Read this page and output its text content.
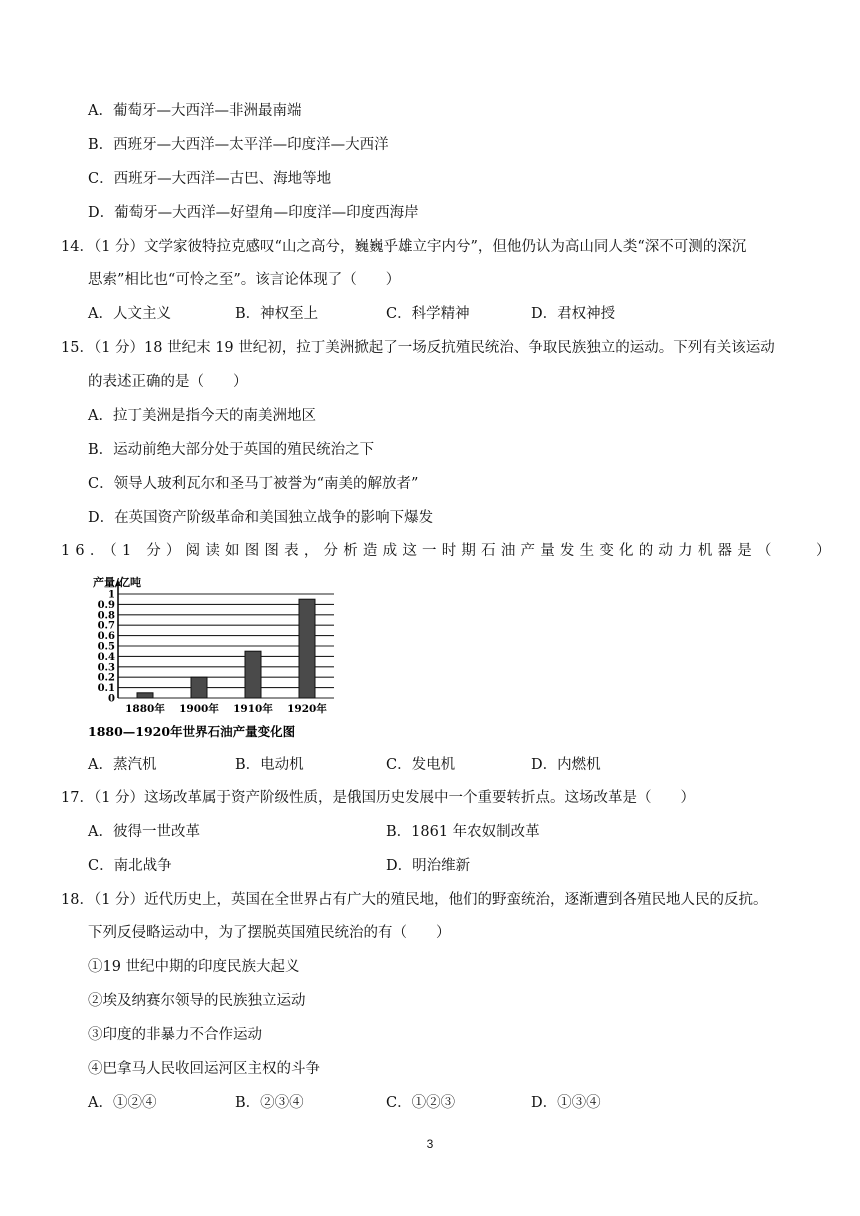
A．葡萄牙—大西洋—非洲最南端
B．西班牙—大西洋—太平洋—印度洋—大西洋
C．西班牙—大西洋—古巴、海地等地
D．葡萄牙—大西洋—好望角—印度洋—印度西海岸
14．（1 分）文学家彼特拉克感叹“山之高兮，巍巍乎雄立宇内兮”，但他仍认为高山同人类“深不可测的深沉
思索”相比也“可怜之至”。该言论体现了（　　）
A．人文主义	B．神权至上	C．科学精神	D．君权神授
15．（1 分）18 世纪末 19 世纪初，拉丁美洲掀起了一场反抗殖民统治、争取民族独立的运动。下列有关该运动
的表述正确的是（　　）
A．拉丁美洲是指今天的南美洲地区
B．运动前绝大部分处于英国的殖民统治之下
C．领导人玻利瓦尔和圣马丁被誉为“南美的解放者”
D．在英国资产阶级革命和美国独立战争的影响下爆发
16．（1 分）阅读如图图表，分析造成这一时期石油产量发生变化的动力机器是（　　）
0
0.1
0.2
0.3
0.4
0.5
0.6
0.7
0.8
0.9
1
1880年 1900年 1910年 1920年
产量/亿吨
1880—1920年世界石油产量变化图
A．蒸汽机	B．电动机	C．发电机	D．内燃机
17．（1 分）这场改革属于资产阶级性质，是俄国历史发展中一个重要转折点。这场改革是（　　）
A．彼得一世改革	B．1861 年农奴制改革
C．南北战争	D．明治维新
18．（1 分）近代历史上，英国在全世界占有广大的殖民地，他们的野蛮统治，逐渐遭到各殖民地人民的反抗。
下列反侵略运动中，为了摆脱英国殖民统治的有（　　）
①19 世纪中期的印度民族大起义
②埃及纳赛尔领导的民族独立运动
③印度的非暴力不合作运动
④巴拿马人民收回运河区主权的斗争
A．①②④	B．②③④	C．①②③	D．①③④
3
